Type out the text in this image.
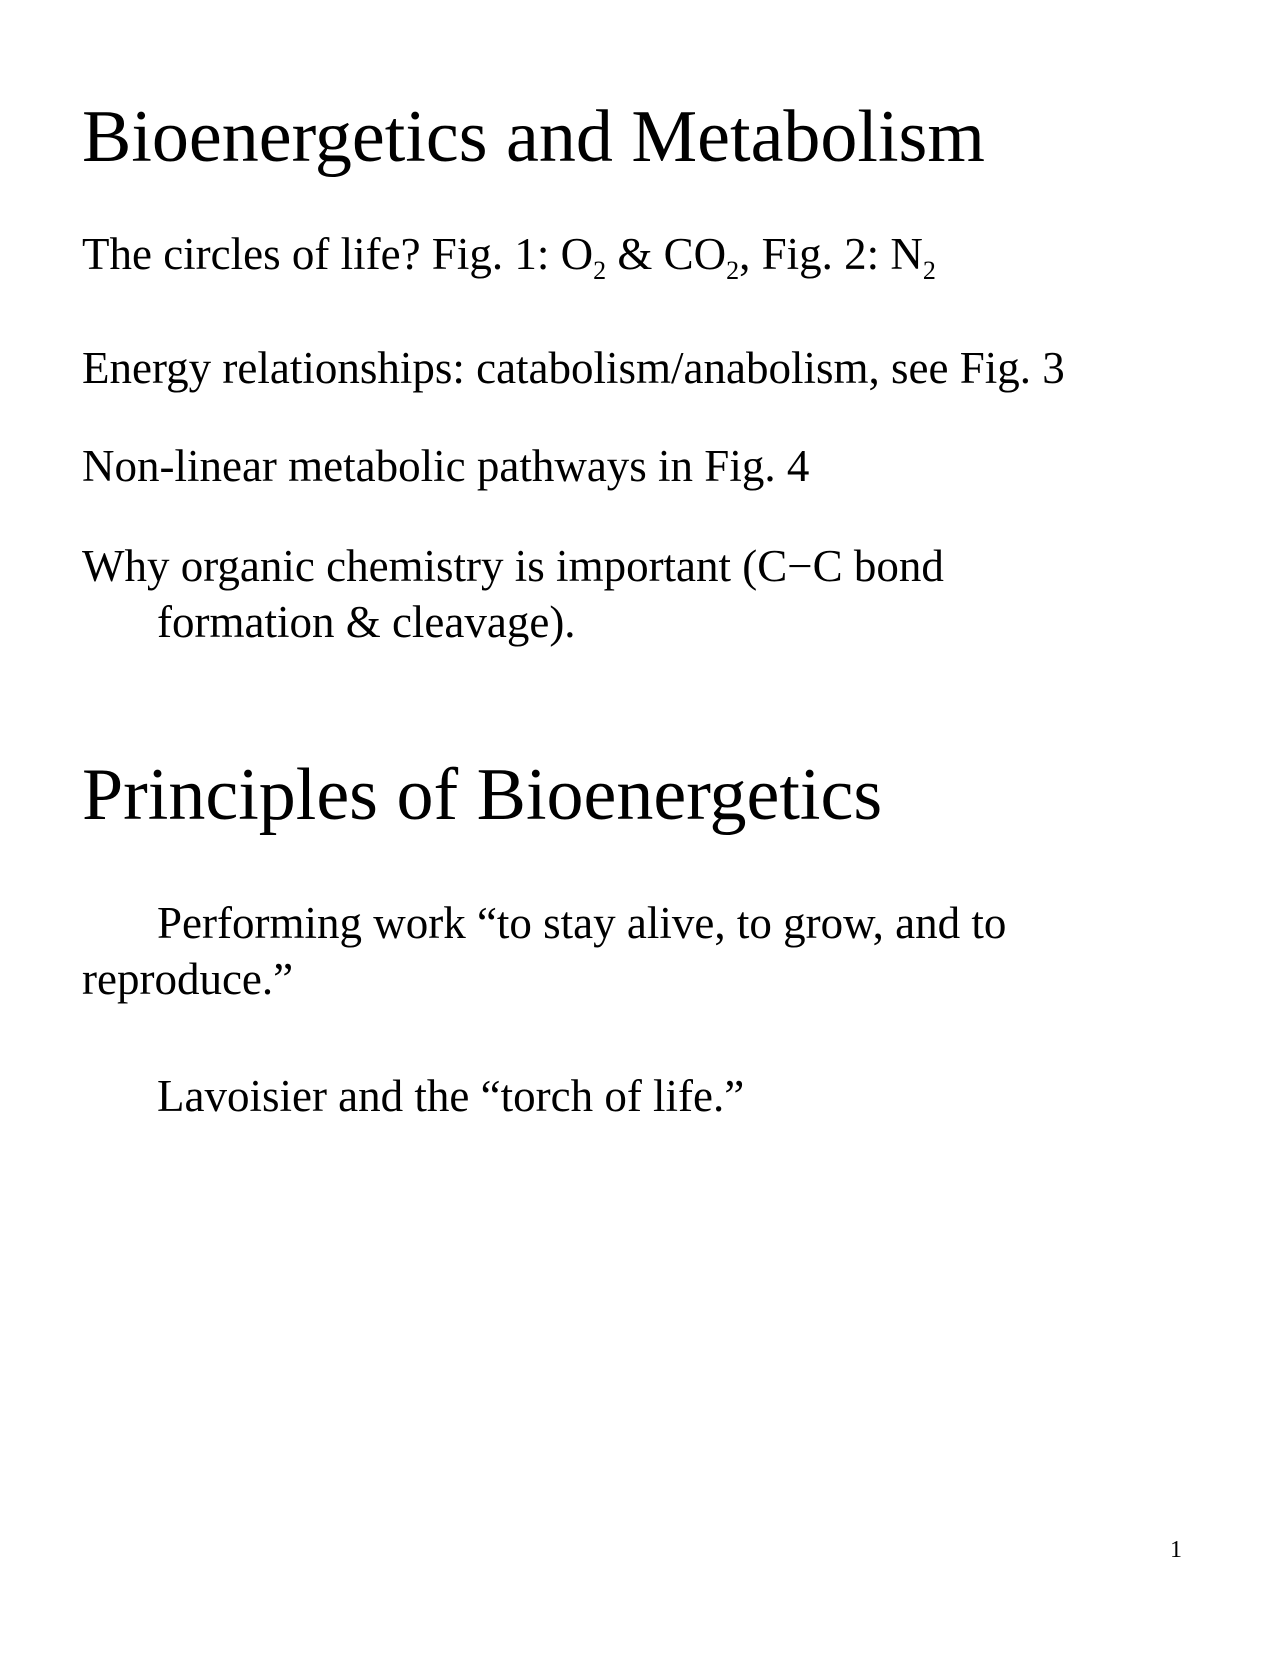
Bioenergetics and Metabolism

The circles of life? Fig. 1: $O_2$ & $CO_2$, Fig. 2: $N_2$

Energy relationships: catabolism/anabolism, see Fig. 3

Non-linear metabolic pathways in Fig. 4

Why organic chemistry is important (C−C bond

formation & cleavage).

Principles of Bioenergetics

Performing work “to stay alive, to grow, and to

reproduce.”

Lavoisier and the “torch of life.”

1
